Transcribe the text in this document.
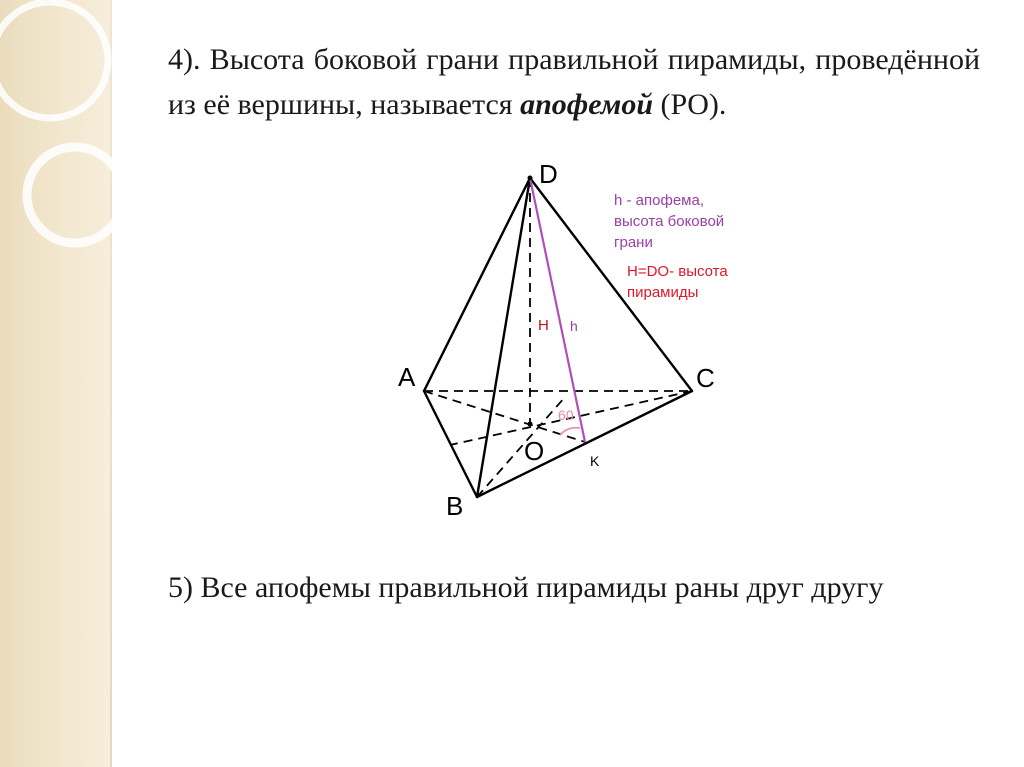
4). Высота боковой грани правильной пирамиды, проведённой из её вершины, называется апофемой (PO).
D
A	C
B
O	K
H h
60
h - апофема,
высота боковой
грани
H=DO- высота
пирамиды
5) Все апофемы правильной пирамиды раны друг другу
